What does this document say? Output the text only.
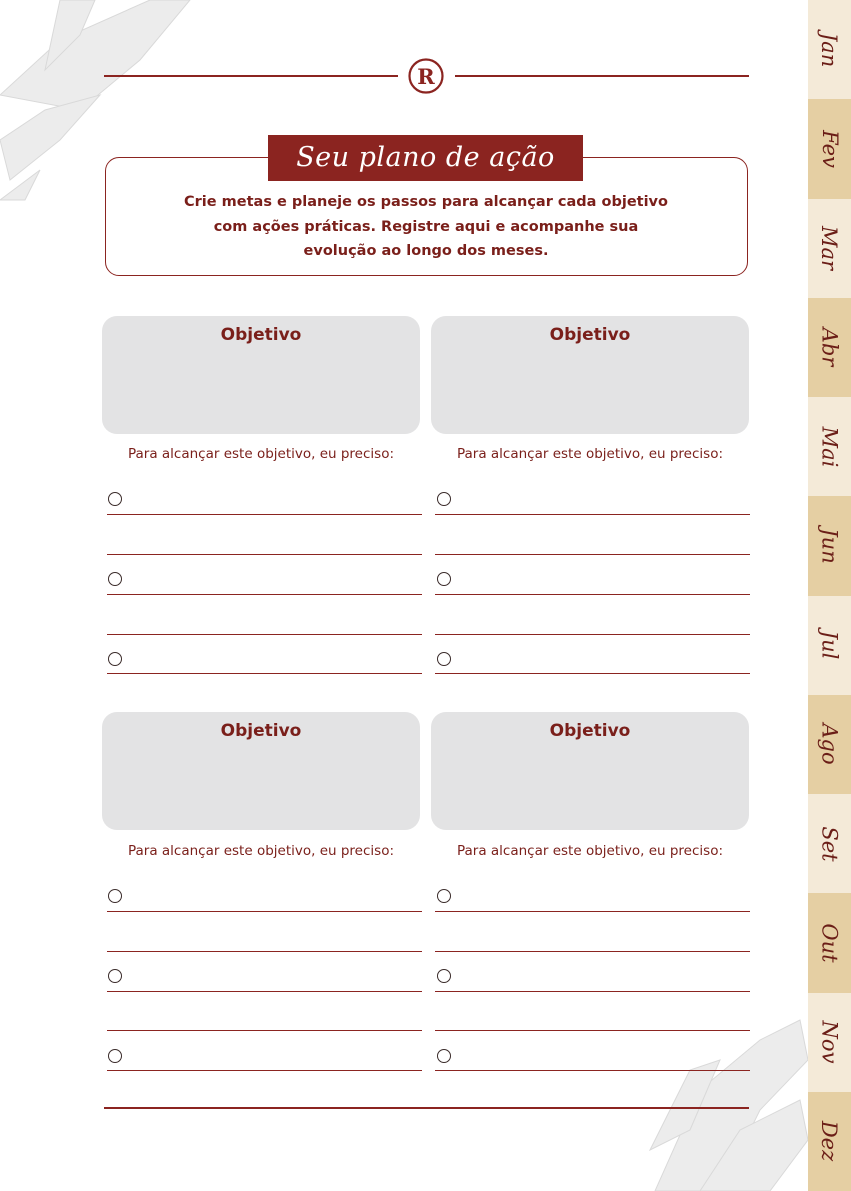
R
Seu plano de ação
Crie metas e planeje os passos para alcançar cada objetivo
com ações práticas. Registre aqui e acompanhe sua
evolução ao longo dos meses.
Objetivo
Para alcançar este objetivo, eu preciso:
Objetivo
Para alcançar este objetivo, eu preciso:
Objetivo
Para alcançar este objetivo, eu preciso:
Objetivo
Para alcançar este objetivo, eu preciso:
Jan
Fev
Mar
Abr
Mai
Jun
Jul
Ago
Set
Out
Nov
Dez
